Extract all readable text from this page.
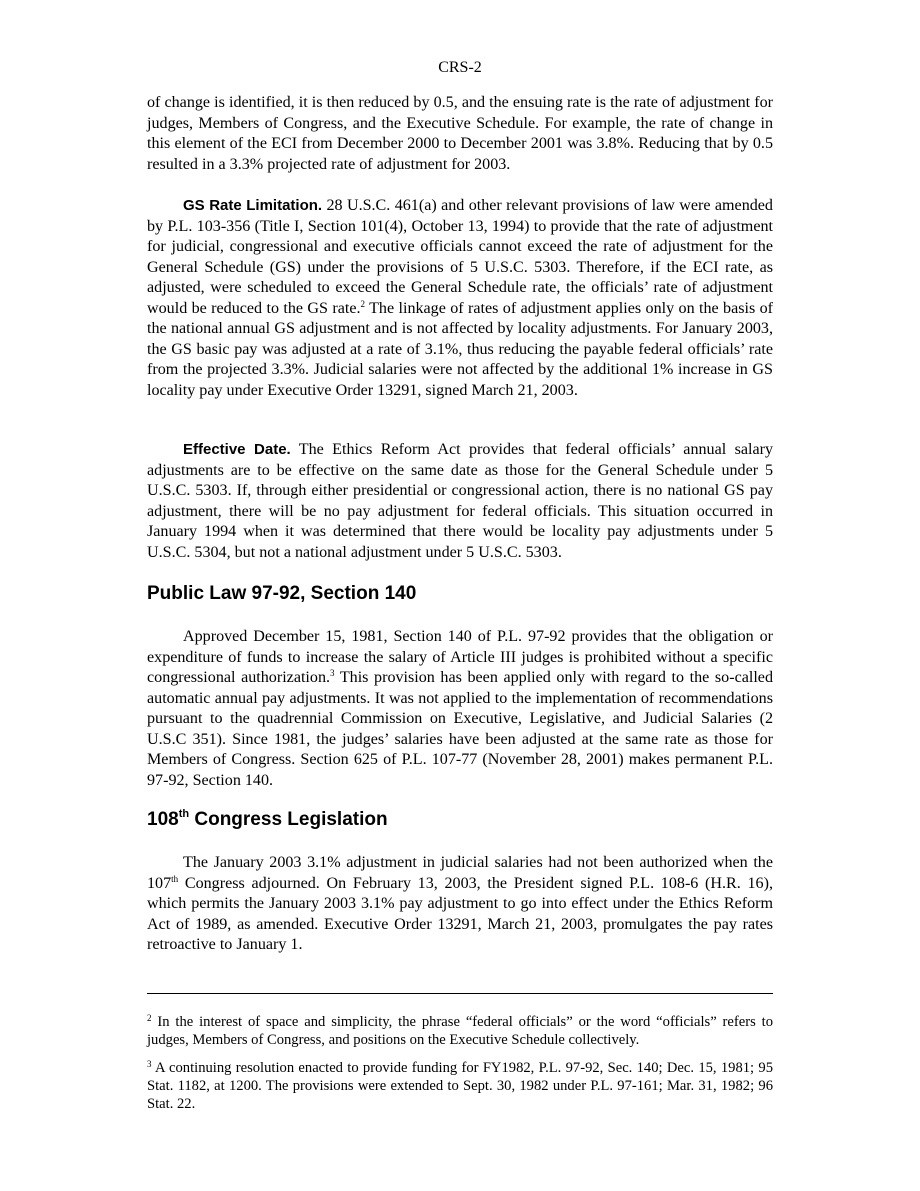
CRS-2

of change is identified, it is then reduced by 0.5, and the ensuing rate is the rate of adjustment for judges, Members of Congress, and the Executive Schedule. For example, the rate of change in this element of the ECI from December 2000 to December 2001 was 3.8%. Reducing that by 0.5 resulted in a 3.3% projected rate of adjustment for 2003.

GS Rate Limitation. 28 U.S.C. 461(a) and other relevant provisions of law were amended by P.L. 103-356 (Title I, Section 101(4), October 13, 1994) to provide that the rate of adjustment for judicial, congressional and executive officials cannot exceed the rate of adjustment for the General Schedule (GS) under the provisions of 5 U.S.C. 5303. Therefore, if the ECI rate, as adjusted, were scheduled to exceed the General Schedule rate, the officials’ rate of adjustment would be reduced to the GS rate.$^2$ The linkage of rates of adjustment applies only on the basis of the national annual GS adjustment and is not affected by locality adjustments. For January 2003, the GS basic pay was adjusted at a rate of 3.1%, thus reducing the payable federal officials’ rate from the projected 3.3%. Judicial salaries were not affected by the additional 1% increase in GS locality pay under Executive Order 13291, signed March 21, 2003.

Effective Date. The Ethics Reform Act provides that federal officials’ annual salary adjustments are to be effective on the same date as those for the General Schedule under 5 U.S.C. 5303. If, through either presidential or congressional action, there is no national GS pay adjustment, there will be no pay adjustment for federal officials. This situation occurred in January 1994 when it was determined that there would be locality pay adjustments under 5 U.S.C. 5304, but not a national adjustment under 5 U.S.C. 5303.

Public Law 97-92, Section 140

Approved December 15, 1981, Section 140 of P.L. 97-92 provides that the obligation or expenditure of funds to increase the salary of Article III judges is prohibited without a specific congressional authorization.$^3$ This provision has been applied only with regard to the so-called automatic annual pay adjustments. It was not applied to the implementation of recommendations pursuant to the quadrennial Commission on Executive, Legislative, and Judicial Salaries (2 U.S.C 351). Since 1981, the judges’ salaries have been adjusted at the same rate as those for Members of Congress. Section 625 of P.L. 107-77 (November 28, 2001) makes permanent P.L. 97-92, Section 140.

108th Congress Legislation

The January 2003 3.1% adjustment in judicial salaries had not been authorized when the 107th Congress adjourned. On February 13, 2003, the President signed P.L. 108-6 (H.R. 16), which permits the January 2003 3.1% pay adjustment to go into effect under the Ethics Reform Act of 1989, as amended. Executive Order 13291, March 21, 2003, promulgates the pay rates retroactive to January 1.

$^2$ In the interest of space and simplicity, the phrase “federal officials” or the word “officials” refers to judges, Members of Congress, and positions on the Executive Schedule collectively.

$^3$ A continuing resolution enacted to provide funding for FY1982, P.L. 97-92, Sec. 140; Dec. 15, 1981; 95 Stat. 1182, at 1200. The provisions were extended to Sept. 30, 1982 under P.L. 97-161; Mar. 31, 1982; 96 Stat. 22.
